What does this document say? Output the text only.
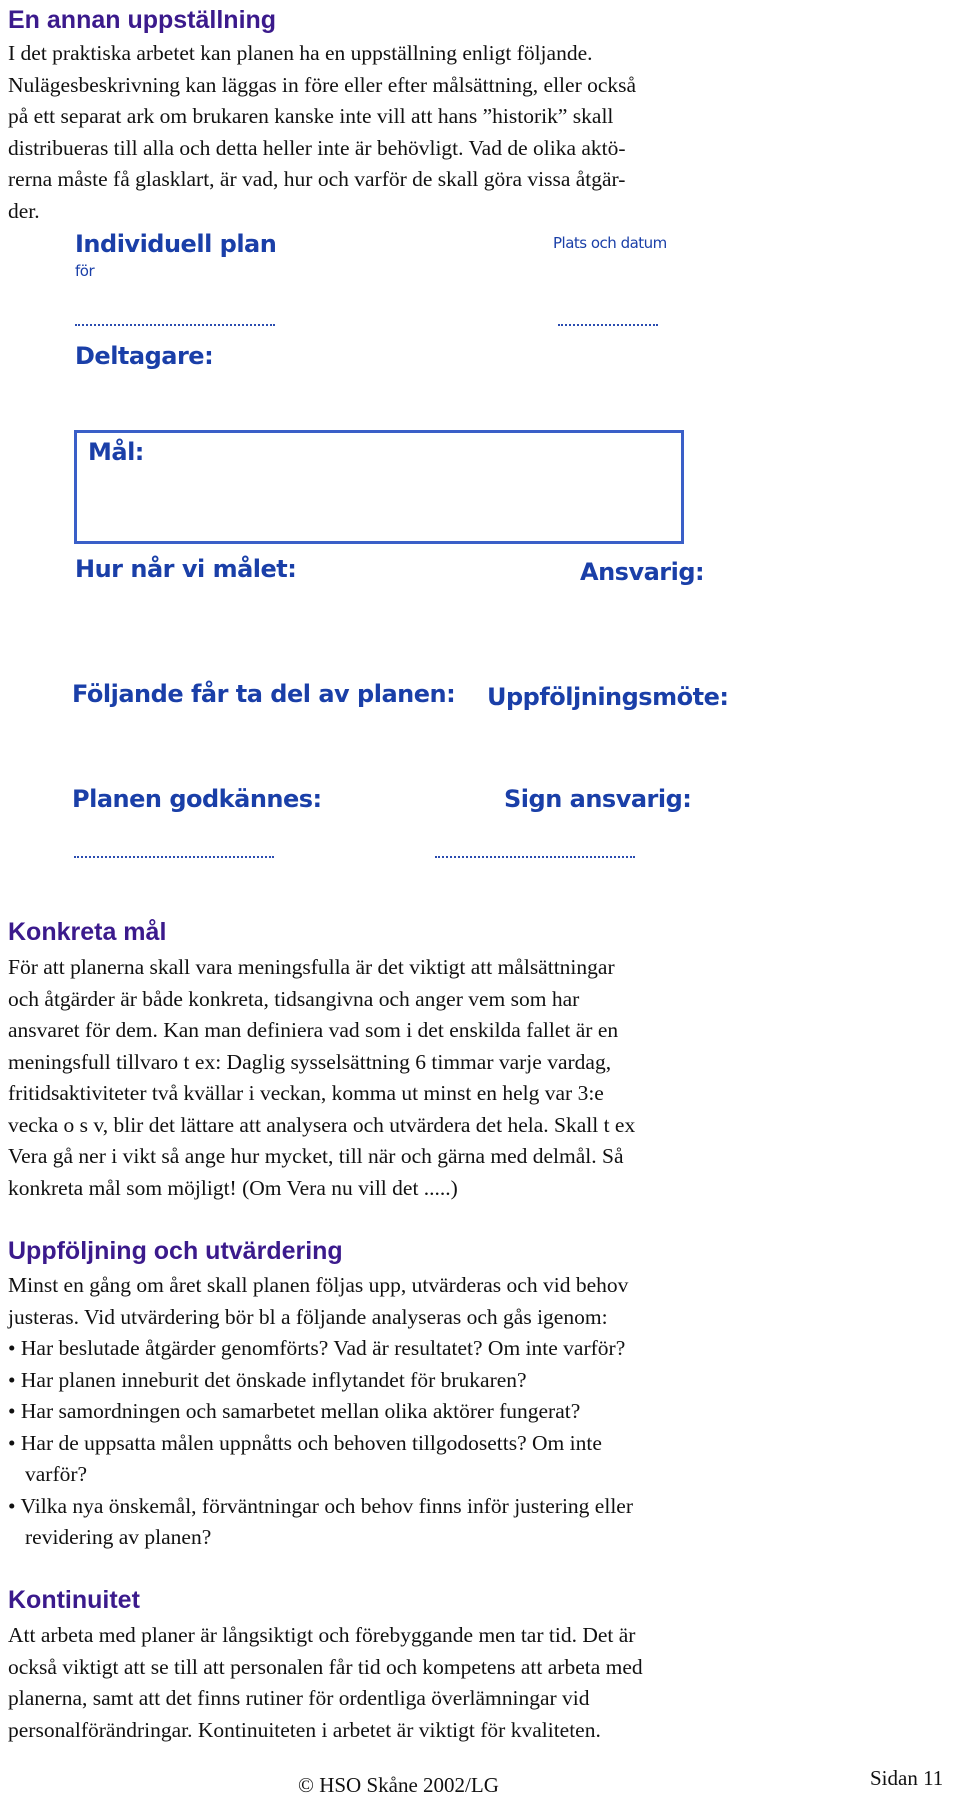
En annan uppställning
I det praktiska arbetet kan planen ha en uppställning enligt följande.
Nulägesbeskrivning kan läggas in före eller efter målsättning, eller också
på ett separat ark om brukaren kanske inte vill att hans ”historik” skall
distribueras till alla och detta heller inte är behövligt. Vad de olika aktö-
rerna måste få glasklart, är vad, hur och varför de skall göra vissa åtgär-
der.
Individuell plan
för
Plats och datum
Deltagare:
Mål:
Hur når vi målet:	Ansvarig:
Följande får ta del av planen: Uppföljningsmöte:
Planen godkännes:	Sign ansvarig:
Konkreta mål
För att planerna skall vara meningsfulla är det viktigt att målsättningar
och åtgärder är både konkreta, tidsangivna och anger vem som har
ansvaret för dem. Kan man definiera vad som i det enskilda fallet är en
meningsfull tillvaro t ex: Daglig sysselsättning 6 timmar varje vardag,
fritidsaktiviteter två kvällar i veckan, komma ut minst en helg var 3:e
vecka o s v, blir det lättare att analysera och utvärdera det hela. Skall t ex
Vera gå ner i vikt så ange hur mycket, till när och gärna med delmål. Så
konkreta mål som möjligt! (Om Vera nu vill det .....)
Uppföljning och utvärdering
Minst en gång om året skall planen följas upp, utvärderas och vid behov
justeras. Vid utvärdering bör bl a följande analyseras och gås igenom:
• Har beslutade åtgärder genomförts? Vad är resultatet? Om inte varför?
• Har planen inneburit det önskade inflytandet för brukaren?
• Har samordningen och samarbetet mellan olika aktörer fungerat?
• Har de uppsatta målen uppnåtts och behoven tillgodosetts? Om inte
varför?
• Vilka nya önskemål, förväntningar och behov finns inför justering eller
revidering av planen?
Kontinuitet
Att arbeta med planer är långsiktigt och förebyggande men tar tid. Det är
också viktigt att se till att personalen får tid och kompetens att arbeta med
planerna, samt att det finns rutiner för ordentliga överlämningar vid
personalförändringar. Kontinuiteten i arbetet är viktigt för kvaliteten.
© HSO Skåne 2002/LG	Sidan 11
